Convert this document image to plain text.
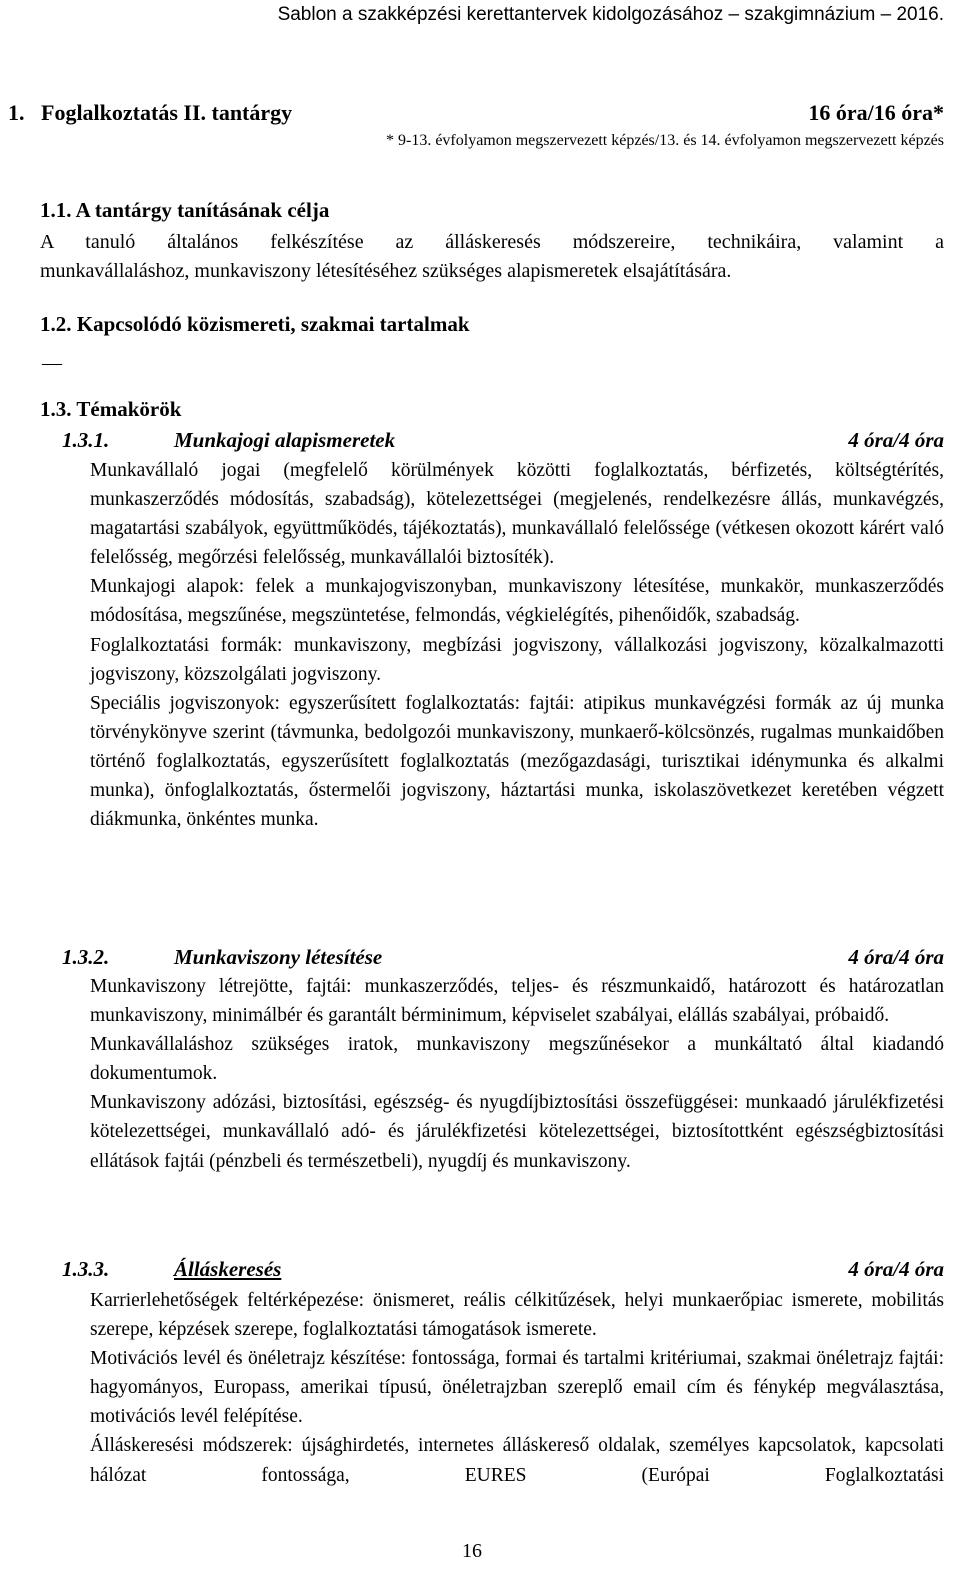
Sablon a szakképzési kerettantervek kidolgozásához – szakgimnázium – 2016.
1.   Foglalkoztatás II. tantárgy	16 óra/16 óra*
* 9-13. évfolyamon megszervezett képzés/13. és 14. évfolyamon megszervezett képzés
1.1. A tantárgy tanításának célja
A tanuló általános felkészítése az álláskeresés módszereire, technikáira, valamint a
munkavállaláshoz, munkaviszony létesítéséhez szükséges alapismeretek elsajátítására.
1.2. Kapcsolódó közismereti, szakmai tartalmak
—
1.3. Témakörök
1.3.1.	Munkajogi alapismeretek	4 óra/4 óra

Munkavállaló jogai (megfelelő körülmények közötti foglalkoztatás, bérfizetés, költségtérítés, munkaszerződés módosítás, szabadság), kötelezettségei (megjelenés, rendelkezésre állás, munkavégzés, magatartási szabályok, együttműködés, tájékoztatás), munkavállaló felelőssége (vétkesen okozott kárért való felelősség, megőrzési felelősség, munkavállalói biztosíték).

Munkajogi alapok: felek a munkajogviszonyban, munkaviszony létesítése, munkakör, munkaszerződés módosítása, megszűnése, megszüntetése, felmondás, végkielégítés, pihenőidők, szabadság.

Foglalkoztatási formák: munkaviszony, megbízási jogviszony, vállalkozási jogviszony, közalkalmazotti jogviszony, közszolgálati jogviszony.

Speciális jogviszonyok: egyszerűsített foglalkoztatás: fajtái: atipikus munkavégzési formák az új munka törvénykönyve szerint (távmunka, bedolgozói munkaviszony, munkaerő-kölcsönzés, rugalmas munkaidőben történő foglalkoztatás, egyszerűsített foglalkoztatás (mezőgazdasági, turisztikai idénymunka és alkalmi munka), önfoglalkoztatás, őstermelői jogviszony, háztartási munka, iskolaszövetkezet keretében végzett diákmunka, önkéntes munka.

1.3.2.	Munkaviszony létesítése	4 óra/4 óra

Munkaviszony létrejötte, fajtái: munkaszerződés, teljes- és részmunkaidő, határozott és határozatlan munkaviszony, minimálbér és garantált bérminimum, képviselet szabályai, elállás szabályai, próbaidő.

Munkavállaláshoz szükséges iratok, munkaviszony megszűnésekor a munkáltató által kiadandó dokumentumok.

Munkaviszony adózási, biztosítási, egészség- és nyugdíjbiztosítási összefüggései: munkaadó járulékfizetési kötelezettségei, munkavállaló adó- és járulékfizetési kötelezettségei, biztosítottként egészségbiztosítási ellátások fajtái (pénzbeli és természetbeli), nyugdíj és munkaviszony.

1.3.3.	Álláskeresés	4 óra/4 óra

Karrierlehetőségek feltérképezése: önismeret, reális célkitűzések, helyi munkaerőpiac ismerete, mobilitás szerepe, képzések szerepe, foglalkoztatási támogatások ismerete.

Motivációs levél és önéletrajz készítése: fontossága, formai és tartalmi kritériumai, szakmai önéletrajz fajtái: hagyományos, Europass, amerikai típusú, önéletrajzban szereplő email cím és fénykép megválasztása, motivációs levél felépítése.

Álláskeresési módszerek: újsághirdetés, internetes álláskereső oldalak, személyes kapcsolatok, kapcsolati hálózat fontossága, EURES (Európai Foglalkoztatási

16
